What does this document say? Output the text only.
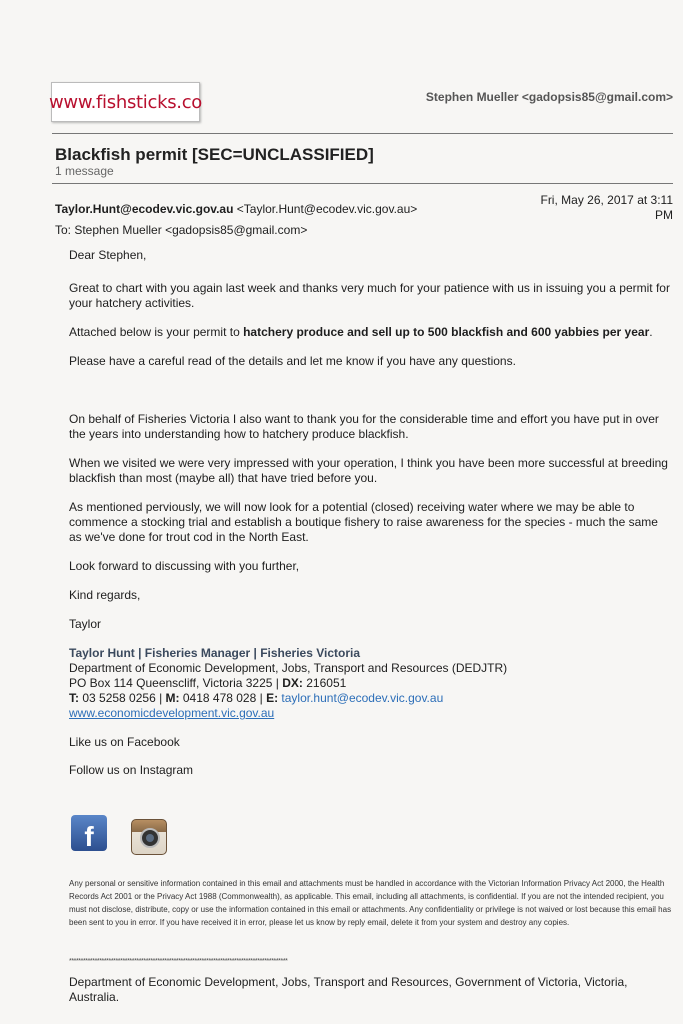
www.fishsticks.co	Stephen Mueller <gadopsis85@gmail.com>
Blackfish permit [SEC=UNCLASSIFIED]
1 message
Taylor.Hunt@ecodev.vic.gov.au <Taylor.Hunt@ecodev.vic.gov.au>
Fri, May 26, 2017 at 3:11
PM
To: Stephen Mueller <gadopsis85@gmail.com>

Dear Stephen,

Great to chart with you again last week and thanks very much for your patience with us in issuing you a permit for your hatchery activities.

Attached below is your permit to hatchery produce and sell up to 500 blackfish and 600 yabbies per year.

Please have a careful read of the details and let me know if you have any questions.

On behalf of Fisheries Victoria I also want to thank you for the considerable time and effort you have put in over the years into understanding how to hatchery produce blackfish.

When we visited we were very impressed with your operation, I think you have been more successful at breeding blackfish than most (maybe all) that have tried before you.

As mentioned perviously, we will now look for a potential (closed) receiving water where we may be able to commence a stocking trial and establish a boutique fishery to raise awareness for the species - much the same as we've done for trout cod in the North East.

Look forward to discussing with you further,

Kind regards,

Taylor

Taylor Hunt | Fisheries Manager | Fisheries Victoria
Department of Economic Development, Jobs, Transport and Resources (DEDJTR)
PO Box 114 Queenscliff, Victoria 3225 | DX: 216051
T: 03 5258 0256 | M: 0418 478 028 | E: taylor.hunt@ecodev.vic.gov.au
www.economicdevelopment.vic.gov.au
Like us on Facebook
Follow us on Instagram
f
Any personal or sensitive information contained in this email and attachments must be handled in accordance with the Victorian Information Privacy Act 2000, the Health Records Act 2001 or the Privacy Act 1988 (Commonwealth), as applicable. This email, including all attachments, is confidential. If you are not the intended recipient, you must not disclose, distribute, copy or use the information contained in this email or attachments. Any confidentiality or privilege is not waived or lost because this email has been sent to you in error. If you have received it in error, please let us know by reply email, delete it from your system and destroy any copies.
**********************************************************************************************
Department of Economic Development, Jobs, Transport and Resources, Government of Victoria, Victoria, Australia.
